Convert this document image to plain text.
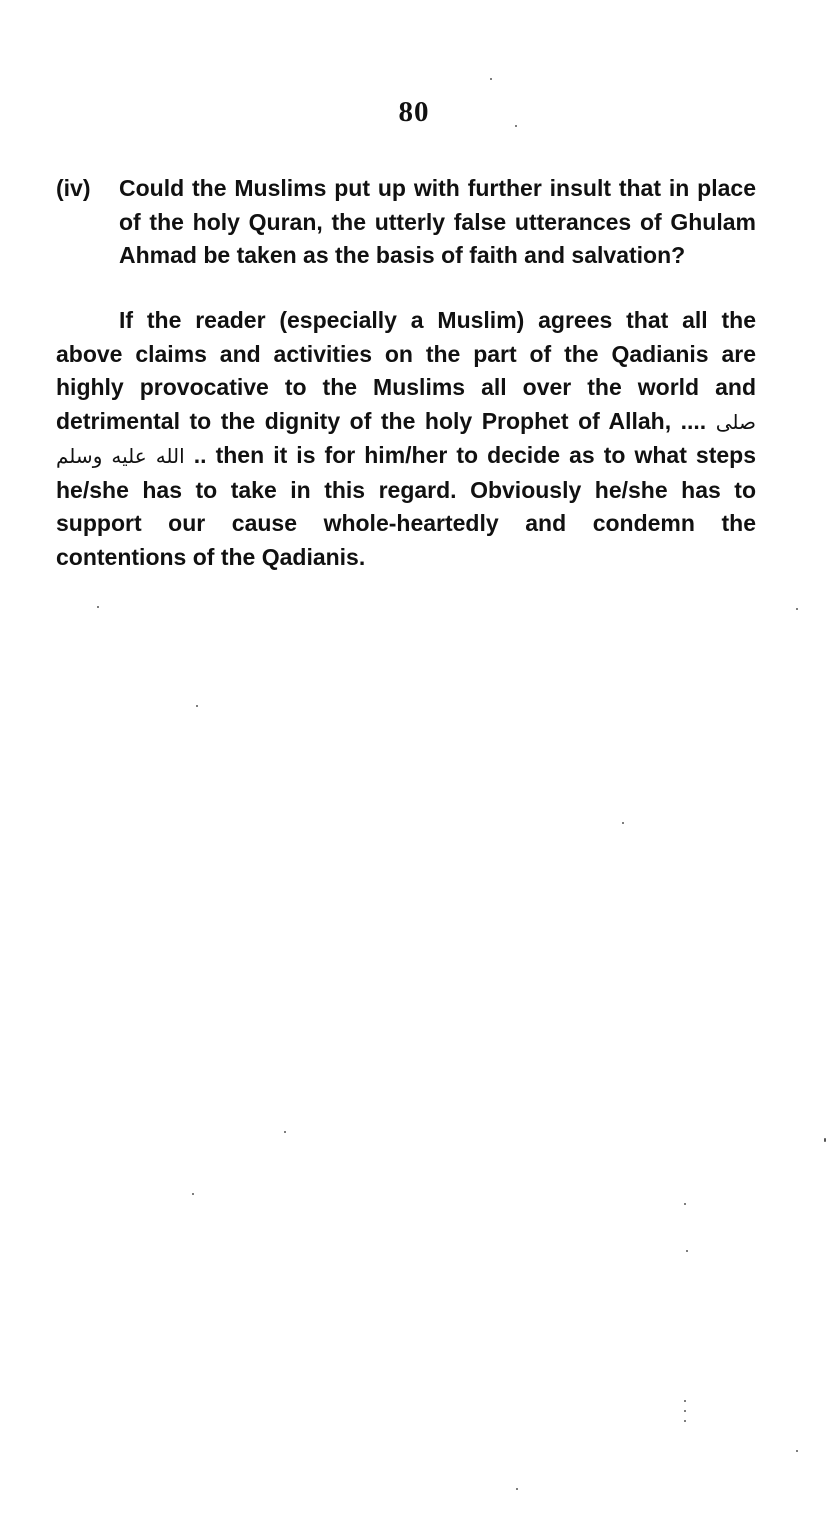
80
(iv) Could the Muslims put up with further insult that in place of the holy Quran, the utterly false utterances of Ghulam Ahmad be taken as the basis of faith and salvation?
If the reader (especially a Muslim) agrees that all the above claims and activities on the part of the Qadianis are highly provocative to the Muslims all over the world and detrimental to the dignity of the holy Prophet of Allah, .... صلى الله عليه وسلم .. then it is for him/her to decide as to what steps he/she has to take in this regard. Obviously he/she has to support our cause whole-heartedly and condemn the contentions of the Qadianis.
